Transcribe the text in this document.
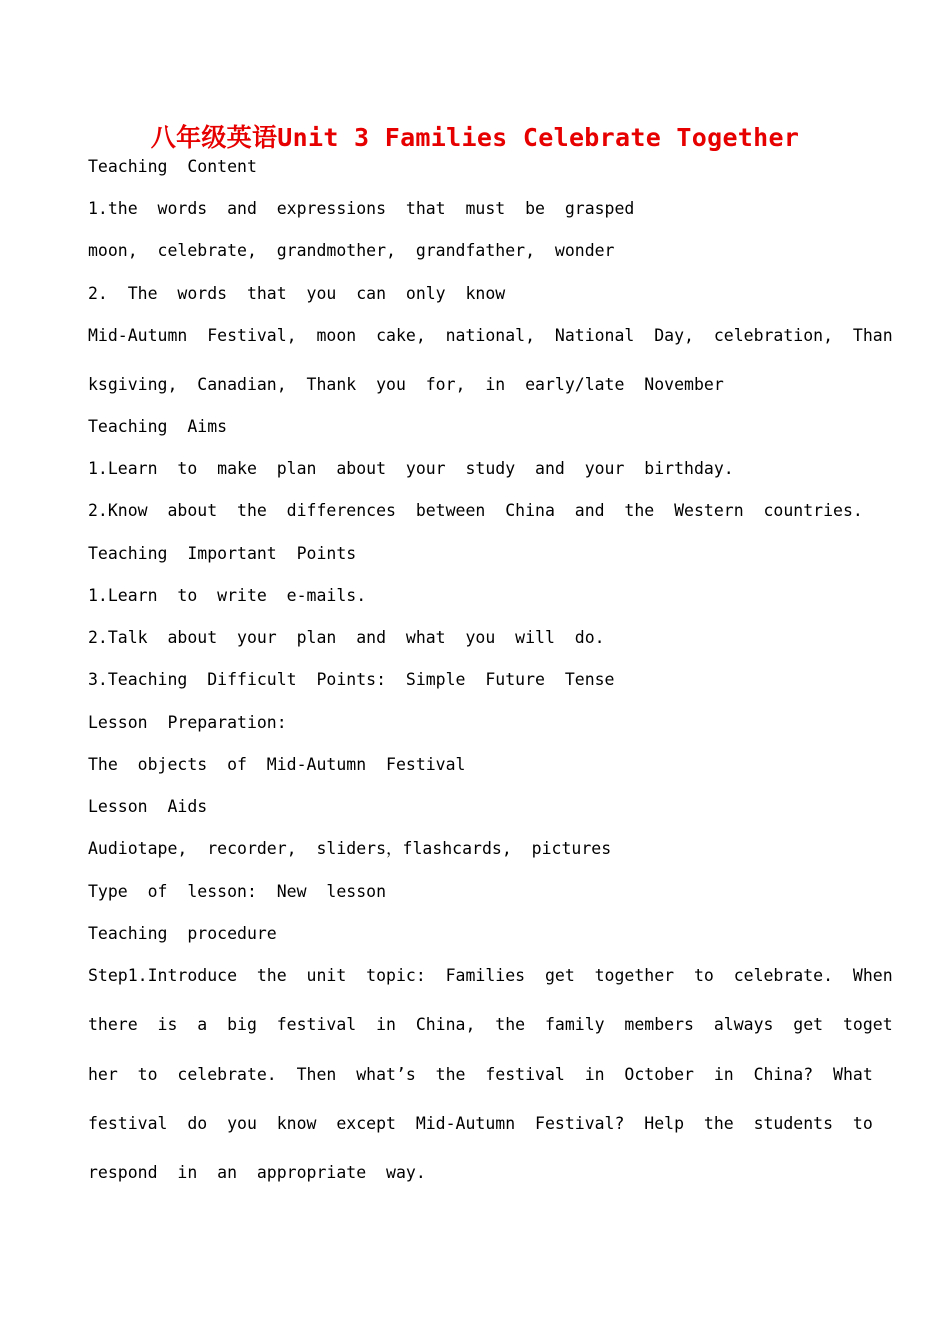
八年级英语Unit 3 Families Celebrate Together
Teaching  Content
1.the  words  and  expressions  that  must  be  grasped
moon,  celebrate,  grandmother,  grandfather,  wonder
2.  The  words  that  you  can  only  know
Mid-Autumn  Festival,  moon  cake,  national,  National  Day,  celebration,  Than
ksgiving,  Canadian,  Thank  you  for,  in  early/late  November
Teaching  Aims
1.Learn  to  make  plan  about  your  study  and  your  birthday.
2.Know  about  the  differences  between  China  and  the  Western  countries.
Teaching  Important  Points
1.Learn  to  write  e-mails.
2.Talk  about  your  plan  and  what  you  will  do.
3.Teaching  Difficult  Points:  Simple  Future  Tense
Lesson  Preparation:
The  objects  of  Mid-Autumn  Festival
Lesson  Aids
Audiotape,  recorder,  sliders，flashcards,  pictures
Type  of  lesson:  New  lesson
Teaching  procedure
Step1.Introduce  the  unit  topic:  Families  get  together  to  celebrate.  When
there  is  a  big  festival  in  China,  the  family  members  always  get  toget
her  to  celebrate.  Then  what’s  the  festival  in  October  in  China?  What
festival  do  you  know  except  Mid-Autumn  Festival?  Help  the  students  to
respond  in  an  appropriate  way.
